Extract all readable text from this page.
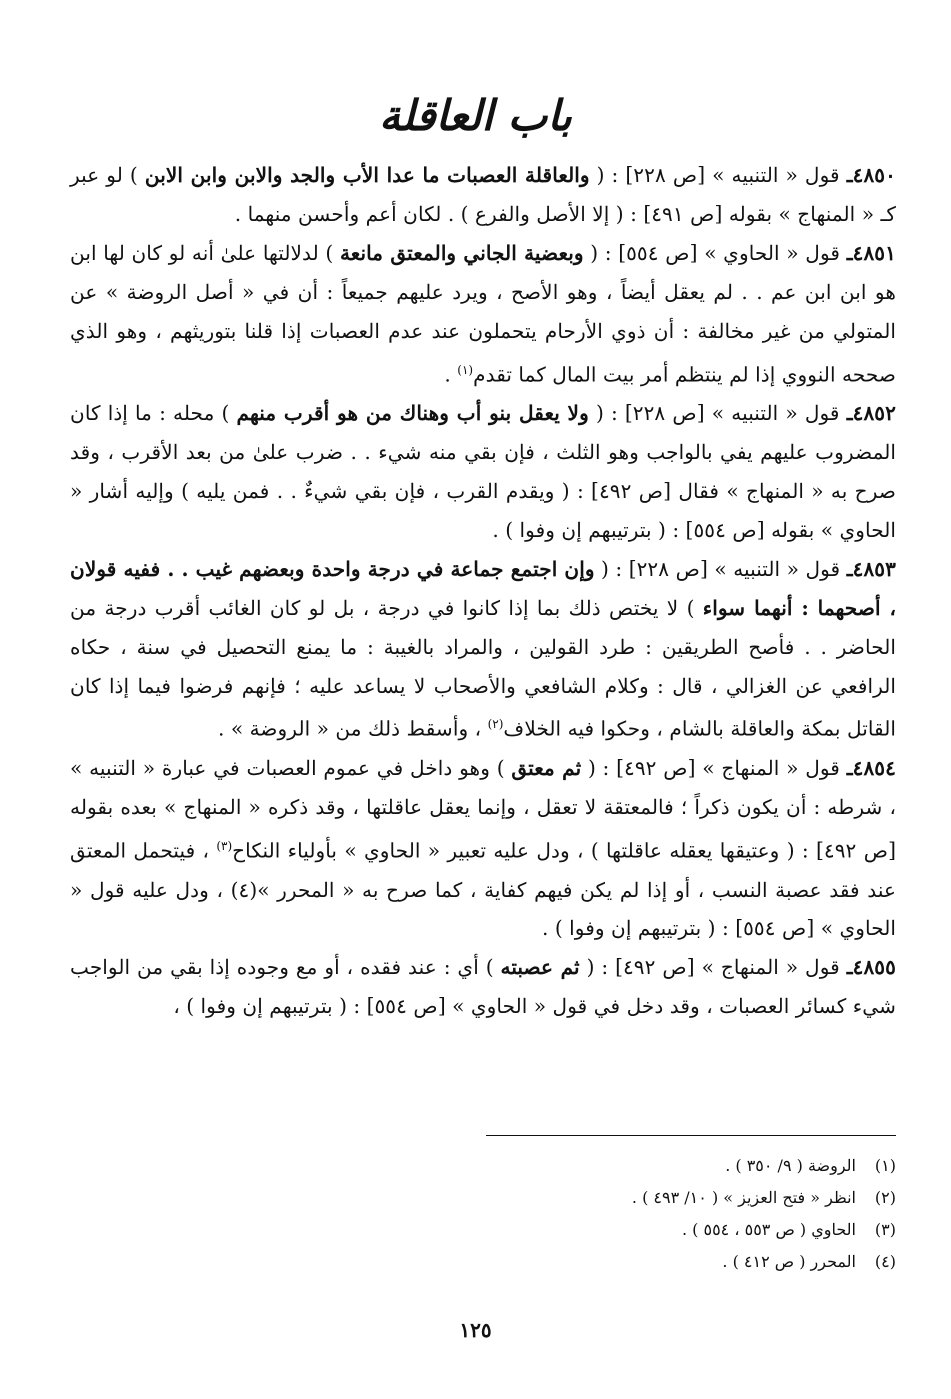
باب العاقلة

٤٨٥٠ـ قول « التنبيه » [ص ٢٢٨] : ( والعاقلة العصبات ما عدا الأب والجد والابن وابن الابن ) لو عبر كـ « المنهاج » بقوله [ص ٤٩١] : ( إلا الأصل والفرع ) . لكان أعم وأحسن منهما .

٤٨٥١ـ قول « الحاوي » [ص ٥٥٤] : ( وبعضية الجاني والمعتق مانعة ) لدلالتها علىٰ أنه لو كان لها ابن هو ابن ابن عم . . لم يعقل أيضاً ، وهو الأصح ، ويرد عليهم جميعاً : أن في « أصل الروضة » عن المتولي من غير مخالفة : أن ذوي الأرحام يتحملون عند عدم العصبات إذا قلنا بتوريثهم ، وهو الذي صححه النووي إذا لم ينتظم أمر بيت المال كما تقدم$^{(١)}$ .

٤٨٥٢ـ قول « التنبيه » [ص ٢٢٨] : ( ولا يعقل بنو أب وهناك من هو أقرب منهم ) محله : ما إذا كان المضروب عليهم يفي بالواجب وهو الثلث ، فإن بقي منه شيء . . ضرب علىٰ من بعد الأقرب ، وقد صرح به « المنهاج » فقال [ص ٤٩٢] : ( ويقدم القرب ، فإن بقي شيءٌ . . فمن يليه ) وإليه أشار « الحاوي » بقوله [ص ٥٥٤] : ( بترتيبهم إن وفوا ) .

٤٨٥٣ـ قول « التنبيه » [ص ٢٢٨] : ( وإن اجتمع جماعة في درجة واحدة وبعضهم غيب . . ففيه قولان ، أصحهما : أنهما سواء ) لا يختص ذلك بما إذا كانوا في درجة ، بل لو كان الغائب أقرب درجة من الحاضر . . فأصح الطريقين : طرد القولين ، والمراد بالغيبة : ما يمنع التحصيل في سنة ، حكاه الرافعي عن الغزالي ، قال : وكلام الشافعي والأصحاب لا يساعد عليه ؛ فإنهم فرضوا فيما إذا كان القاتل بمكة والعاقلة بالشام ، وحكوا فيه الخلاف$^{(٢)}$ ، وأسقط ذلك من « الروضة » .

٤٨٥٤ـ قول « المنهاج » [ص ٤٩٢] : ( ثم معتق ) وهو داخل في عموم العصبات في عبارة « التنبيه » ، شرطه : أن يكون ذكراً ؛ فالمعتقة لا تعقل ، وإنما يعقل عاقلتها ، وقد ذكره « المنهاج » بعده بقوله [ص ٤٩٢] : ( وعتيقها يعقله عاقلتها ) ، ودل عليه تعبير « الحاوي » بأولياء النكاح$^{(٣)}$ ، فيتحمل المعتق عند فقد عصبة النسب ، أو إذا لم يكن فيهم كفاية ، كما صرح به « المحرر »(٤) ، ودل عليه قول « الحاوي » [ص ٥٥٤] : ( بترتيبهم إن وفوا ) .

٤٨٥٥ـ قول « المنهاج » [ص ٤٩٢] : ( ثم عصبته ) أي : عند فقده ، أو مع وجوده إذا بقي من الواجب شيء كسائر العصبات ، وقد دخل في قول « الحاوي » [ص ٥٥٤] : ( بترتيبهم إن وفوا ) ،

(١)الروضة ( ٩/ ٣٥٠ ) .

(٢)انظر « فتح العزيز » ( ١٠/ ٤٩٣ ) .

(٣)الحاوي ( ص ٥٥٣ ، ٥٥٤ ) .

(٤)المحرر ( ص ٤١٢ ) .

١٢٥
